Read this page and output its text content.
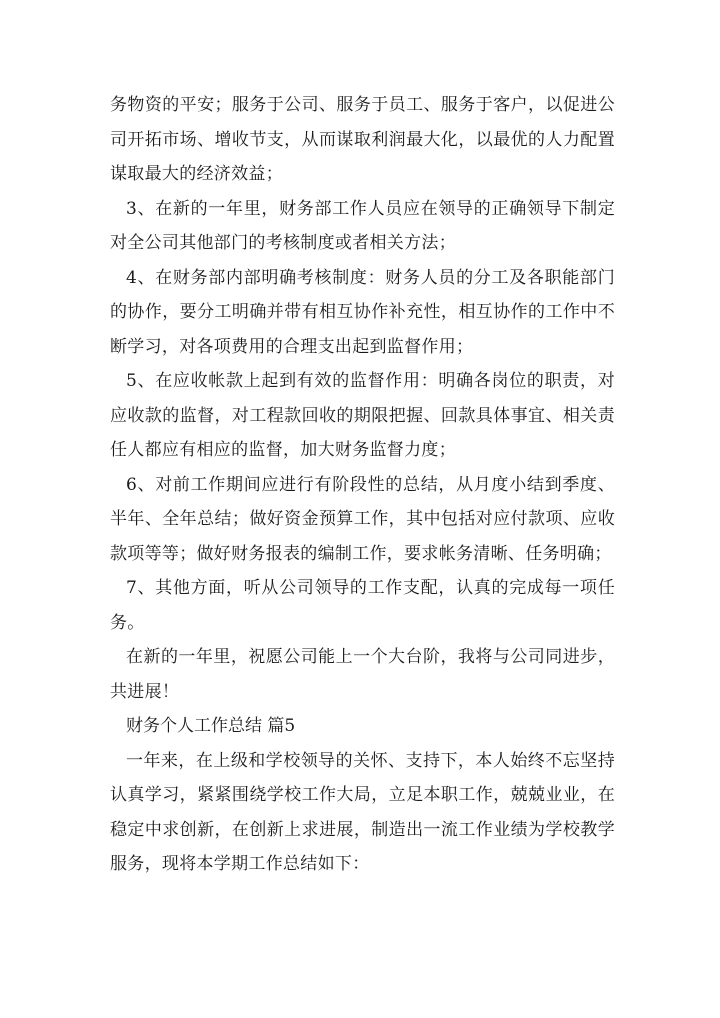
务物资的平安；服务于公司、服务于员工、服务于客户，以促进公司开拓市场、增收节支，从而谋取利润最大化，以最优的人力配置谋取最大的经济效益；

3、在新的一年里，财务部工作人员应在领导的正确领导下制定对全公司其他部门的考核制度或者相关方法；

4、在财务部内部明确考核制度：财务人员的分工及各职能部门的协作，要分工明确并带有相互协作补充性，相互协作的工作中不断学习，对各项费用的合理支出起到监督作用；

5、在应收帐款上起到有效的监督作用：明确各岗位的职责，对应收款的监督，对工程款回收的期限把握、回款具体事宜、相关责任人都应有相应的监督，加大财务监督力度；

6、对前工作期间应进行有阶段性的总结，从月度小结到季度、半年、全年总结；做好资金预算工作，其中包括对应付款项、应收款项等等；做好财务报表的编制工作，要求帐务清晰、任务明确；

7、其他方面，听从公司领导的工作支配，认真的完成每一项任务。

在新的一年里，祝愿公司能上一个大台阶，我将与公司同进步，共进展！

财务个人工作总结 篇5

一年来，在上级和学校领导的关怀、支持下，本人始终不忘坚持认真学习，紧紧围绕学校工作大局，立足本职工作，兢兢业业，在稳定中求创新，在创新上求进展，制造出一流工作业绩为学校教学服务，现将本学期工作总结如下：
